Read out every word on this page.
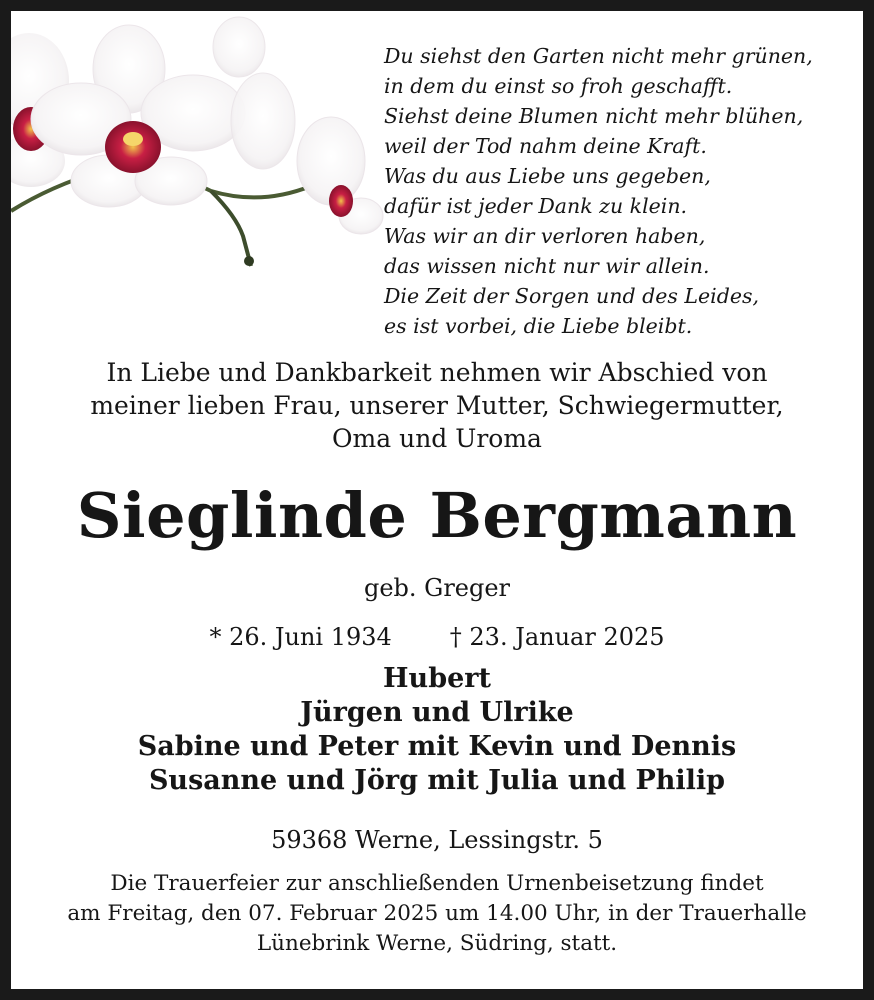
Du siehst den Garten nicht mehr grünen,
in dem du einst so froh geschafft.
Siehst deine Blumen nicht mehr blühen,
weil der Tod nahm deine Kraft.
Was du aus Liebe uns gegeben,
dafür ist jeder Dank zu klein.
Was wir an dir verloren haben,
das wissen nicht nur wir allein.
Die Zeit der Sorgen und des Leides,
es ist vorbei, die Liebe bleibt.
In Liebe und Dankbarkeit nehmen wir Abschied von
meiner lieben Frau, unserer Mutter, Schwiegermutter,
Oma und Uroma
Sieglinde Bergmann
geb. Greger
* 26. Juni 1934 † 23. Januar 2025
Hubert
Jürgen und Ulrike
Sabine und Peter mit Kevin und Dennis
Susanne und Jörg mit Julia und Philip
59368 Werne, Lessingstr. 5
Die Trauerfeier zur anschließenden Urnenbeisetzung findet
am Freitag, den 07. Februar 2025 um 14.00 Uhr, in der Trauerhalle
Lünebrink Werne, Südring, statt.
